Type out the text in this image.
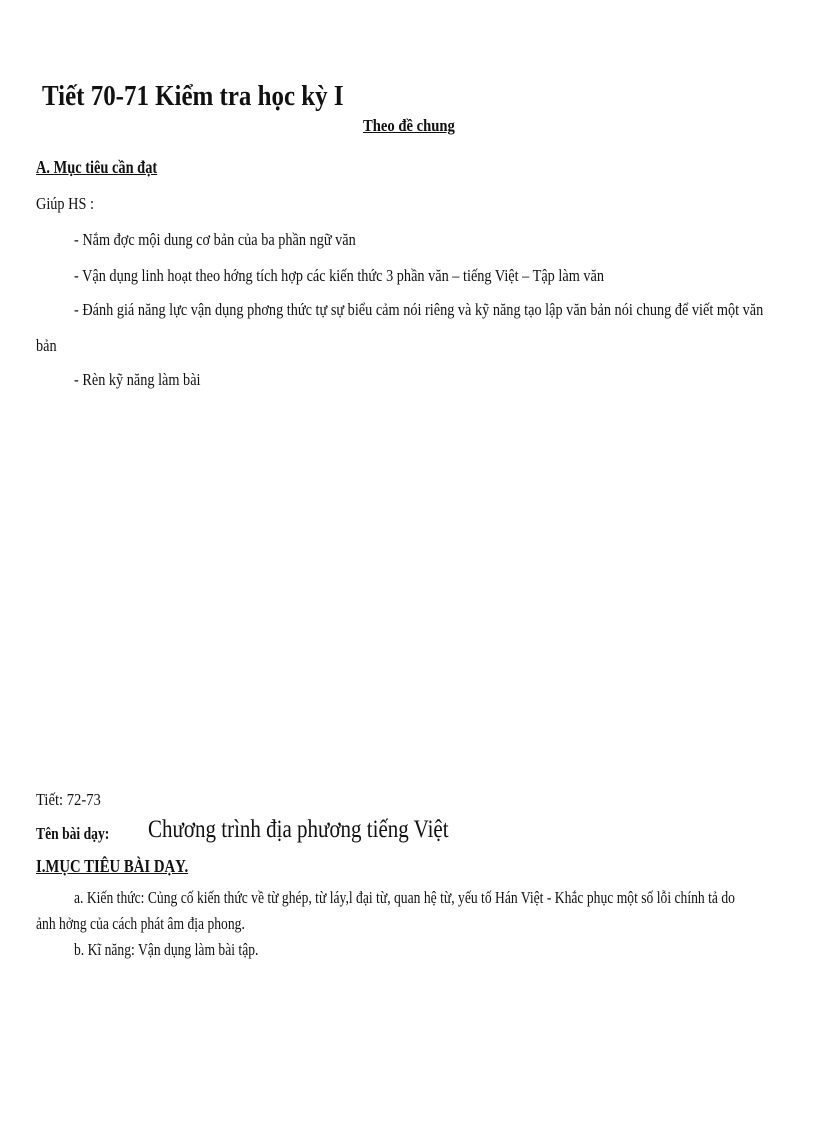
Tiết 70-71 Kiểm tra học kỳ I
Theo đề chung
A. Mục tiêu cần đạt
Giúp HS :
- Nắm đợc mội dung cơ bản của ba phần ngữ văn
- Vận dụng linh hoạt theo hớng tích hợp các kiến thức 3 phần văn – tiếng Việt – Tập làm văn
- Đánh giá năng lực vận dụng phơng thức tự sự biểu cảm nói riêng và kỹ năng tạo lập văn bản nói chung để viết một văn
bản
- Rèn kỹ năng làm bài
Tiết: 72-73
Tên bài dạy: Chương trình địa phương tiếng Việt
I.MỤC TIÊU BÀI DẠY.
a. Kiến thức: Củng cố kiến thức về từ ghép, từ láy,l đại từ, quan hệ từ, yếu tố Hán Việt - Khắc phục một số lỗi chính tả do
ảnh hởng của cách phát âm địa phong.
b. Kĩ năng: Vận dụng làm bài tập.
